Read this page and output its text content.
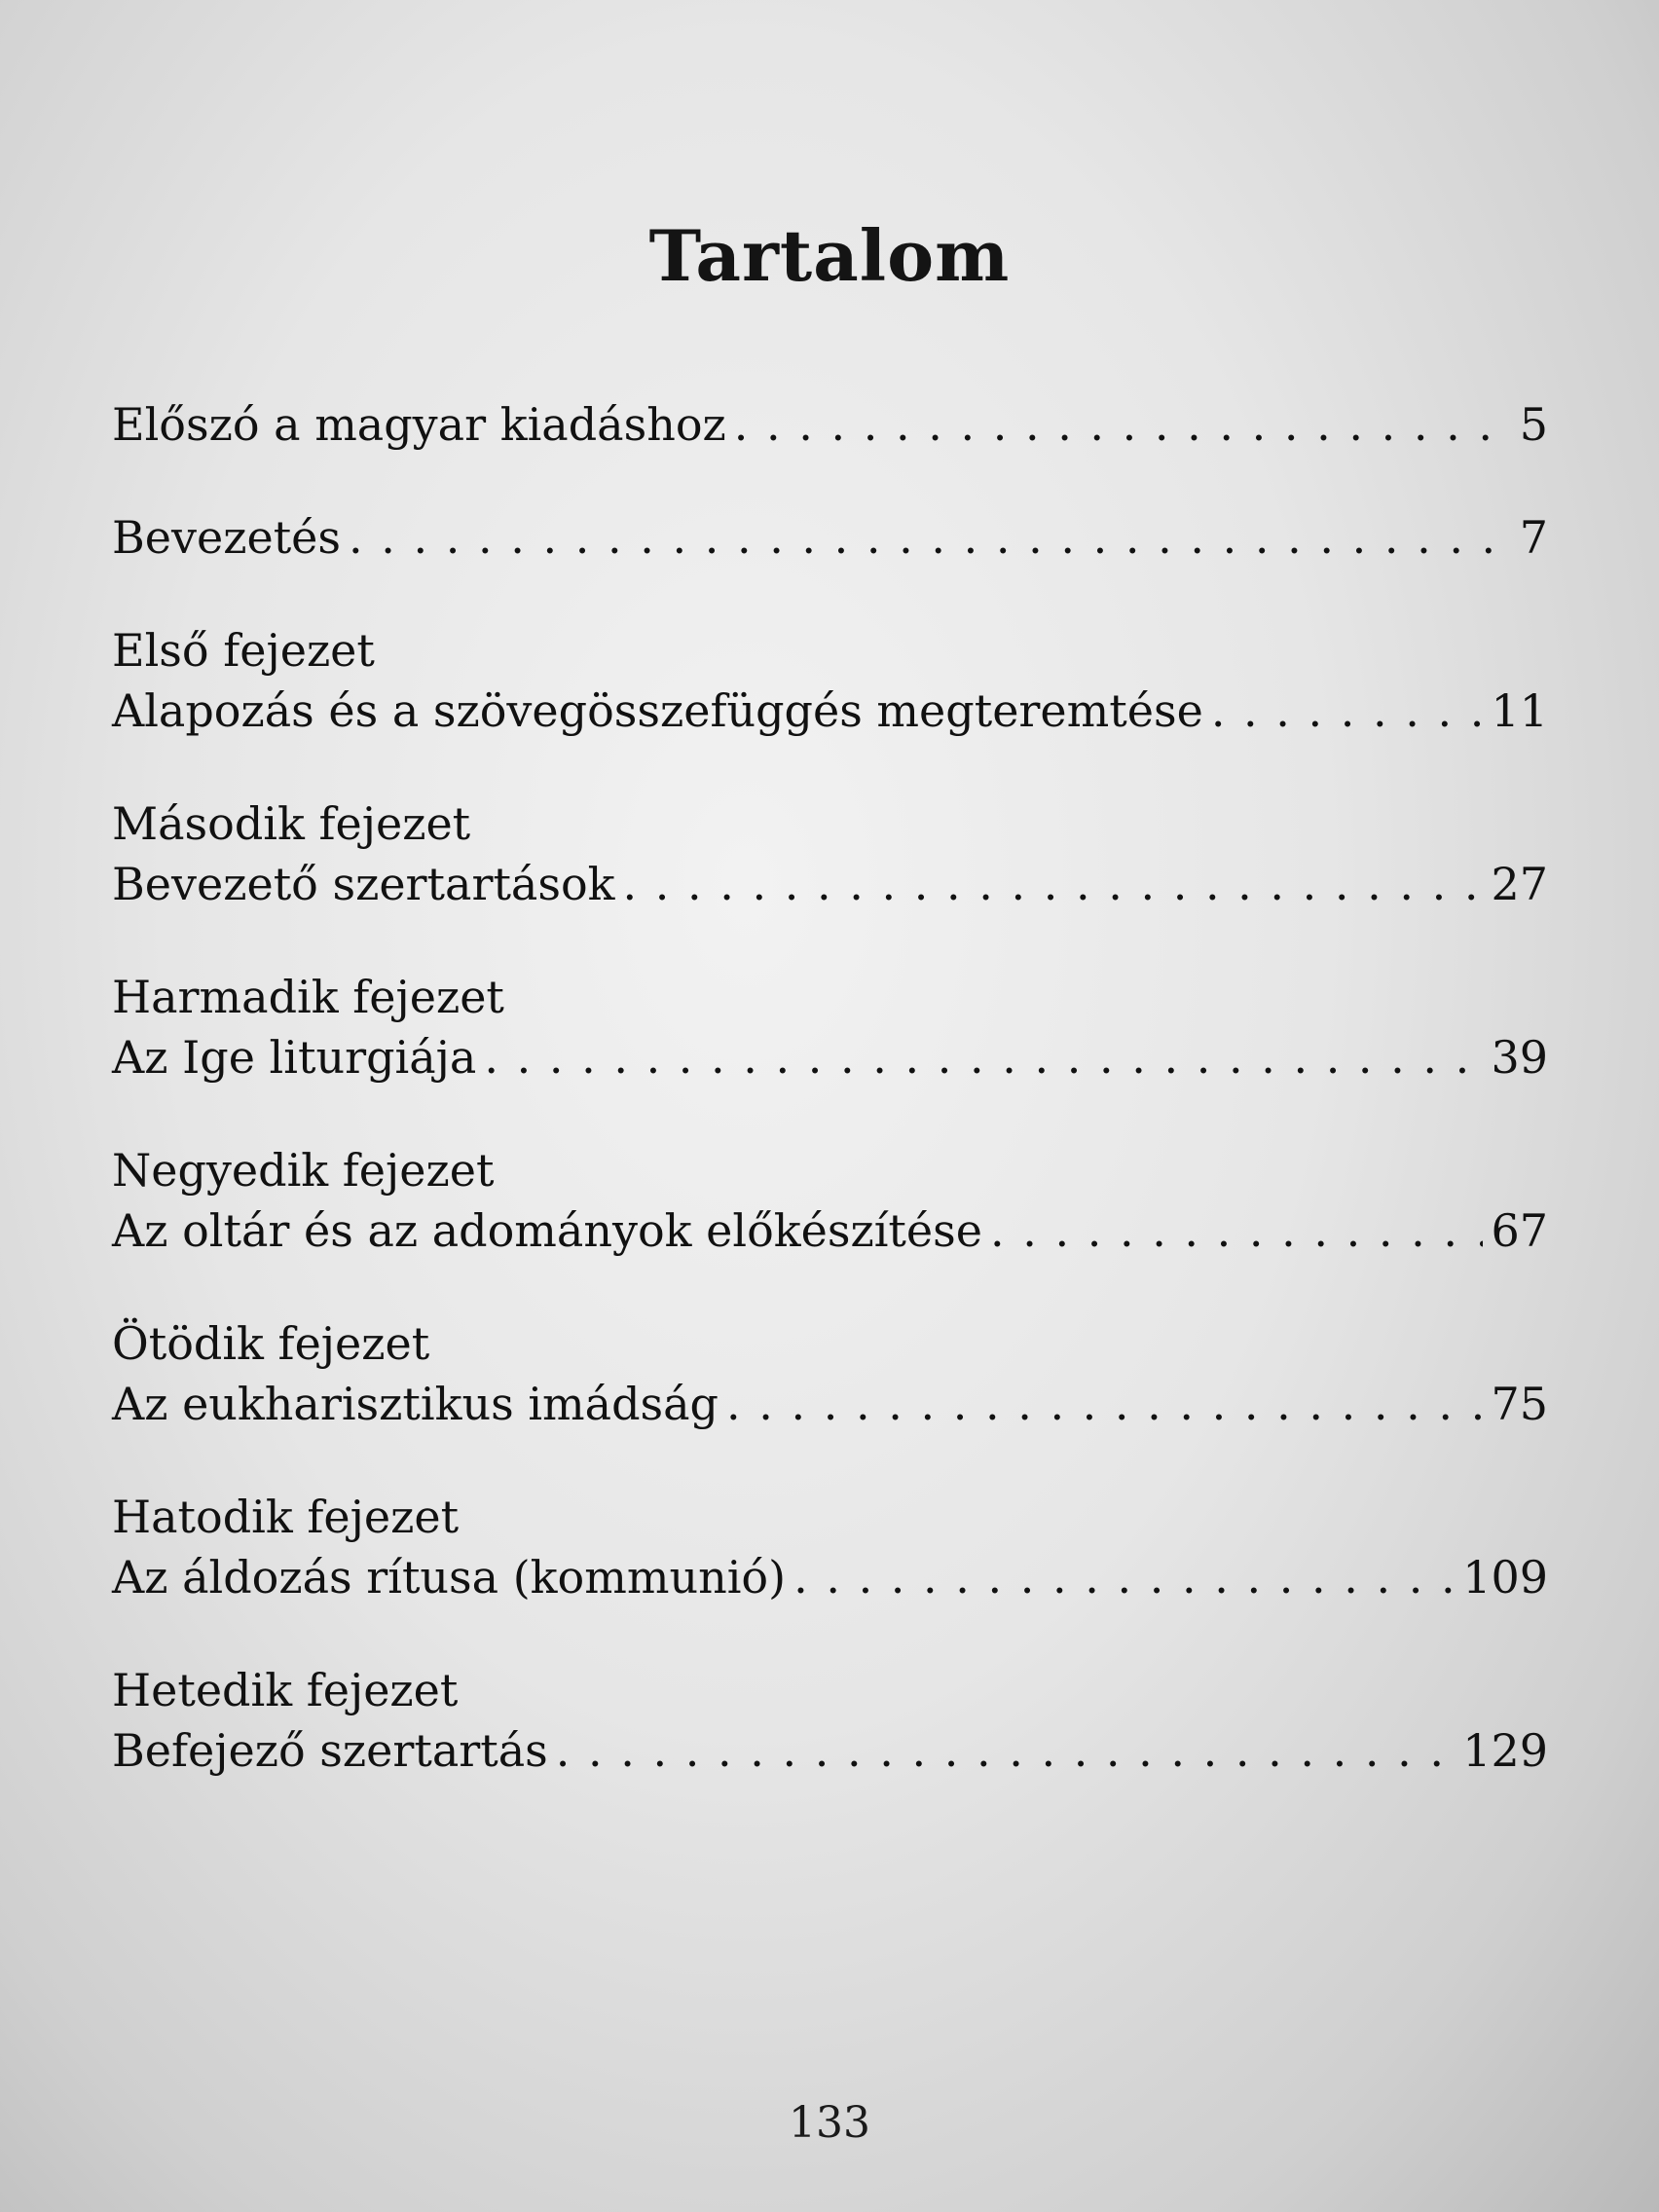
Tartalom
Előszó a magyar kiadáshoz . . .	5
Bevezetés . . .	7
Első fejezet
Alapozás és a szövegösszefüggés megteremtése . . .	11
Második fejezet
Bevezető szertartások . . .	27
Harmadik fejezet
Az Ige liturgiája . . .	39
Negyedik fejezet
Az oltár és az adományok előkészítése . . .	67
Ötödik fejezet
Az eukharisztikus imádság . . .	75
Hatodik fejezet
Az áldozás rítusa (kommunió) . . .	109
Hetedik fejezet
Befejező szertartás . . .	129
133
